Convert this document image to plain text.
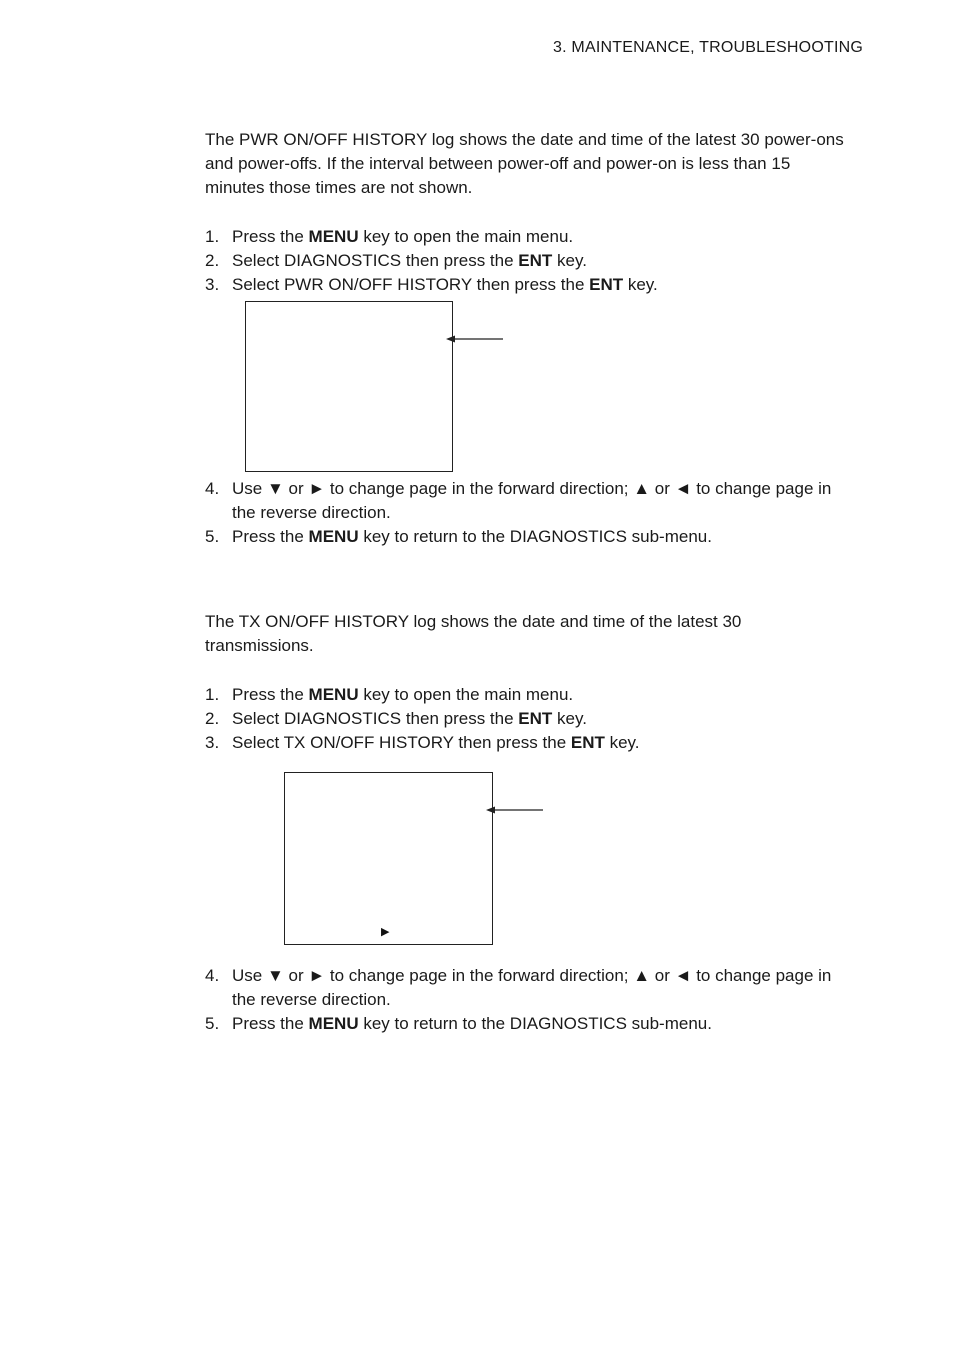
3. MAINTENANCE, TROUBLESHOOTING

The PWR ON/OFF HISTORY log shows the date and time of the latest 30 power-ons and power-offs. If the interval between power-off and power-on is less than 15 minutes those times are not shown.

1. Press the MENU key to open the main menu.
2. Select DIAGNOSTICS then press the ENT key.
3. Select PWR ON/OFF HISTORY then press the ENT key.
4. Use ▼ or ► to change page in the forward direction; ▲ or ◄ to change page in the reverse direction.
5. Press the MENU key to return to the DIAGNOSTICS sub-menu.

The TX ON/OFF HISTORY log shows the date and time of the latest 30 transmissions.

1. Press the MENU key to open the main menu.
2. Select DIAGNOSTICS then press the ENT key.
3. Select TX ON/OFF HISTORY then press the ENT key.
▶
4. Use ▼ or ► to change page in the forward direction; ▲ or ◄ to change page in the reverse direction.
5. Press the MENU key to return to the DIAGNOSTICS sub-menu.
